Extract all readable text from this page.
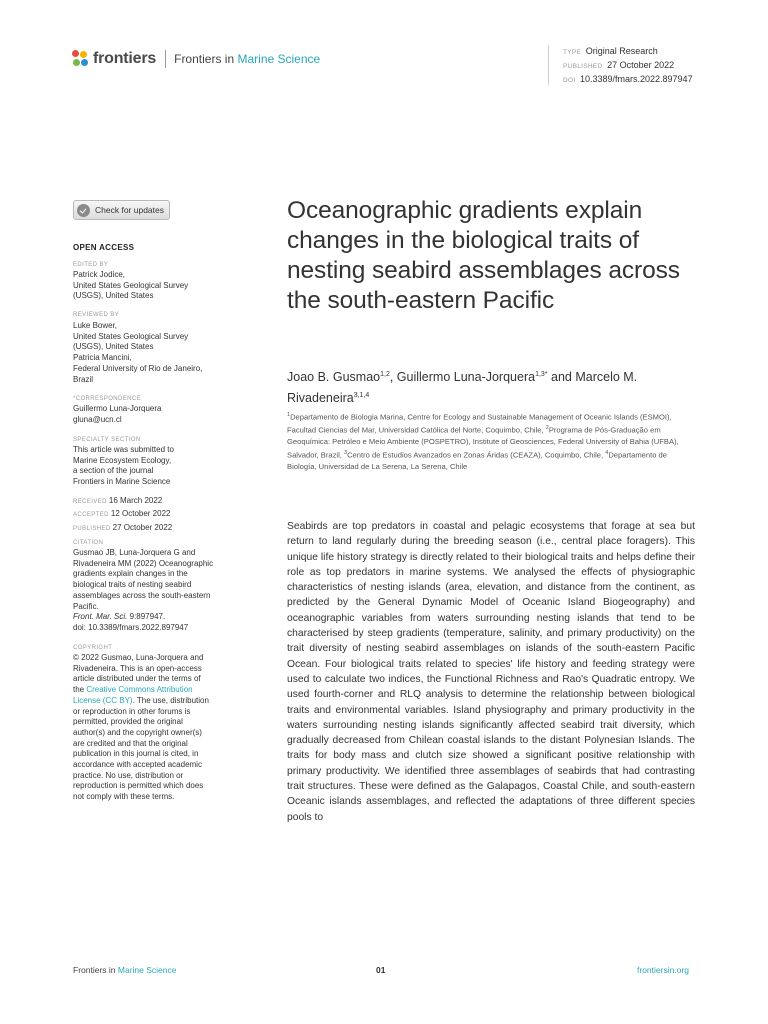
frontiers Frontiers in Marine Science	TYPE Original Research
PUBLISHED 27 October 2022
DOI 10.3389/fmars.2022.897947
Check for updates
OPEN ACCESS
EDITED BY
Patrick Jodice,
United States Geological Survey
(USGS), United States
REVIEWED BY
Luke Bower,
United States Geological Survey
(USGS), United States
Patricia Mancini,
Federal University of Rio de Janeiro,
Brazil
*CORRESPONDENCE
Guillermo Luna-Jorquera
gluna@ucn.cl
SPECIALTY SECTION
This article was submitted to
Marine Ecosystem Ecology,
a section of the journal
Frontiers in Marine Science
RECEIVED 16 March 2022
ACCEPTED 12 October 2022
PUBLISHED 27 October 2022
CITATION
Gusmao JB, Luna-Jorquera G and
Rivadeneira MM (2022) Oceanographic
gradients explain changes in the
biological traits of nesting seabird
assemblages across the south-eastern
Pacific.
Front. Mar. Sci. 9:897947.
doi: 10.3389/fmars.2022.897947
COPYRIGHT
© 2022 Gusmao, Luna-Jorquera and
Rivadeneira. This is an open-access
article distributed under the terms of
the Creative Commons Attribution
License (CC BY). The use, distribution
or reproduction in other forums is
permitted, provided the original
author(s) and the copyright owner(s)
are credited and that the original
publication in this journal is cited, in
accordance with accepted academic
practice. No use, distribution or
reproduction is permitted which does
not comply with these terms.
Oceanographic gradients explain changes in the biological traits of nesting seabird assemblages across the south-eastern Pacific
Joao B. Gusmao$^{1,2}$, Guillermo Luna-Jorquera$^{1,3*}$ and Marcelo M. Rivadeneira$^{3,1,4}$
$^1$Departamento de Biologia Marina, Centre for Ecology and Sustainable Management of Oceanic Islands (ESMOI), Facultad Ciencias del Mar, Universidad Católica del Norte, Coquimbo, Chile, $^2$Programa de Pós-Graduação em Geoquímica: Petróleo e Meio Ambiente (POSPETRO), Institute of Geosciences, Federal University of Bahia (UFBA), Salvador, Brazil, $^3$Centro de Estudios Avanzados en Zonas Áridas (CEAZA), Coquimbo, Chile, $^4$Departamento de Biología, Universidad de La Serena, La Serena, Chile

Seabirds are top predators in coastal and pelagic ecosystems that forage at sea but return to land regularly during the breeding season (i.e., central place foragers). This unique life history strategy is directly related to their biological traits and helps define their role as top predators in marine systems. We analysed the effects of physiographic characteristics of nesting islands (area, elevation, and distance from the continent, as predicted by the General Dynamic Model of Oceanic Island Biogeography) and oceanographic variables from waters surrounding nesting islands that tend to be characterised by steep gradients (temperature, salinity, and primary productivity) on the trait diversity of nesting seabird assemblages on islands of the south-eastern Pacific Ocean. Four biological traits related to species' life history and feeding strategy were used to calculate two indices, the Functional Richness and Rao's Quadratic entropy. We used fourth-corner and RLQ analysis to determine the relationship between biological traits and environmental variables. Island physiography and primary productivity in the waters surrounding nesting islands significantly affected seabird trait diversity, which gradually decreased from Chilean coastal islands to the distant Polynesian Islands. The traits for body mass and clutch size showed a significant positive relationship with primary productivity. We identified three assemblages of seabirds that had contrasting trait structures. These were defined as the Galapagos, Coastal Chile, and south-eastern Oceanic islands assemblages, and reflected the adaptations of three different species pools to

Frontiers in Marine Science	01	frontiersin.org
